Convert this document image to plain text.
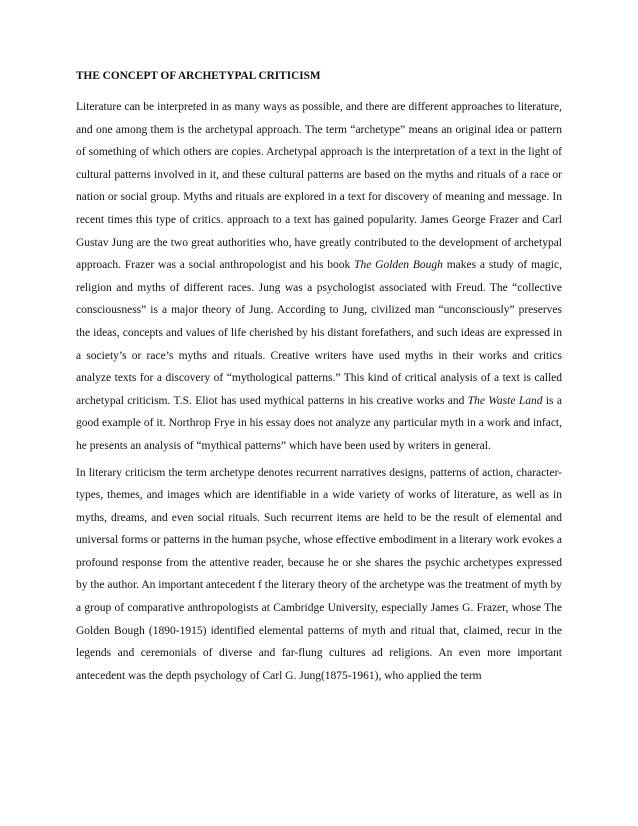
THE CONCEPT OF ARCHETYPAL CRITICISM

Literature can be interpreted in as many ways as possible, and there are different approaches to literature, and one among them is the archetypal approach. The term “archetype” means an original idea or pattern of something of which others are copies. Archetypal approach is the interpretation of a text in the light of cultural patterns involved in it, and these cultural patterns are based on the myths and rituals of a race or nation or social group. Myths and rituals are explored in a text for discovery of meaning and message. In recent times this type of critics. approach to a text has gained popularity. James George Frazer and Carl Gustav Jung are the two great authorities who, have greatly contributed to the development of archetypal approach. Frazer was a social anthropologist and his book The Golden Bough makes a study of magic, religion and myths of different races. Jung was a psychologist associated with Freud. The “collective consciousness” is a major theory of Jung. According to Jung, civilized man “unconsciously” preserves the ideas, concepts and values of life cherished by his distant forefathers, and such ideas are expressed in a society’s or race’s myths and rituals. Creative writers have used myths in their works and critics analyze texts for a discovery of “mythological patterns.” This kind of critical analysis of a text is called archetypal criticism. T.S. Eliot has used mythical patterns in his creative works and The Waste Land is a good example of it. Northrop Frye in his essay does not analyze any particular myth in a work and infact, he presents an analysis of “mythical patterns” which have been used by writers in general.

In literary criticism the term archetype denotes recurrent narratives designs, patterns of action, character-types, themes, and images which are identifiable in a wide variety of works of literature, as well as in myths, dreams, and even social rituals. Such recurrent items are held to be the result of elemental and universal forms or patterns in the human psyche, whose effective embodiment in a literary work evokes a profound response from the attentive reader, because he or she shares the psychic archetypes expressed by the author. An important antecedent f the literary theory of the archetype was the treatment of myth by a group of comparative anthropologists at Cambridge University, especially James G. Frazer, whose The Golden Bough (1890-1915) identified elemental patterns of myth and ritual that, claimed, recur in the legends and ceremonials of diverse and far-flung cultures ad religions. An even more important antecedent was the depth psychology of Carl G. Jung(1875-1961), who applied the term
